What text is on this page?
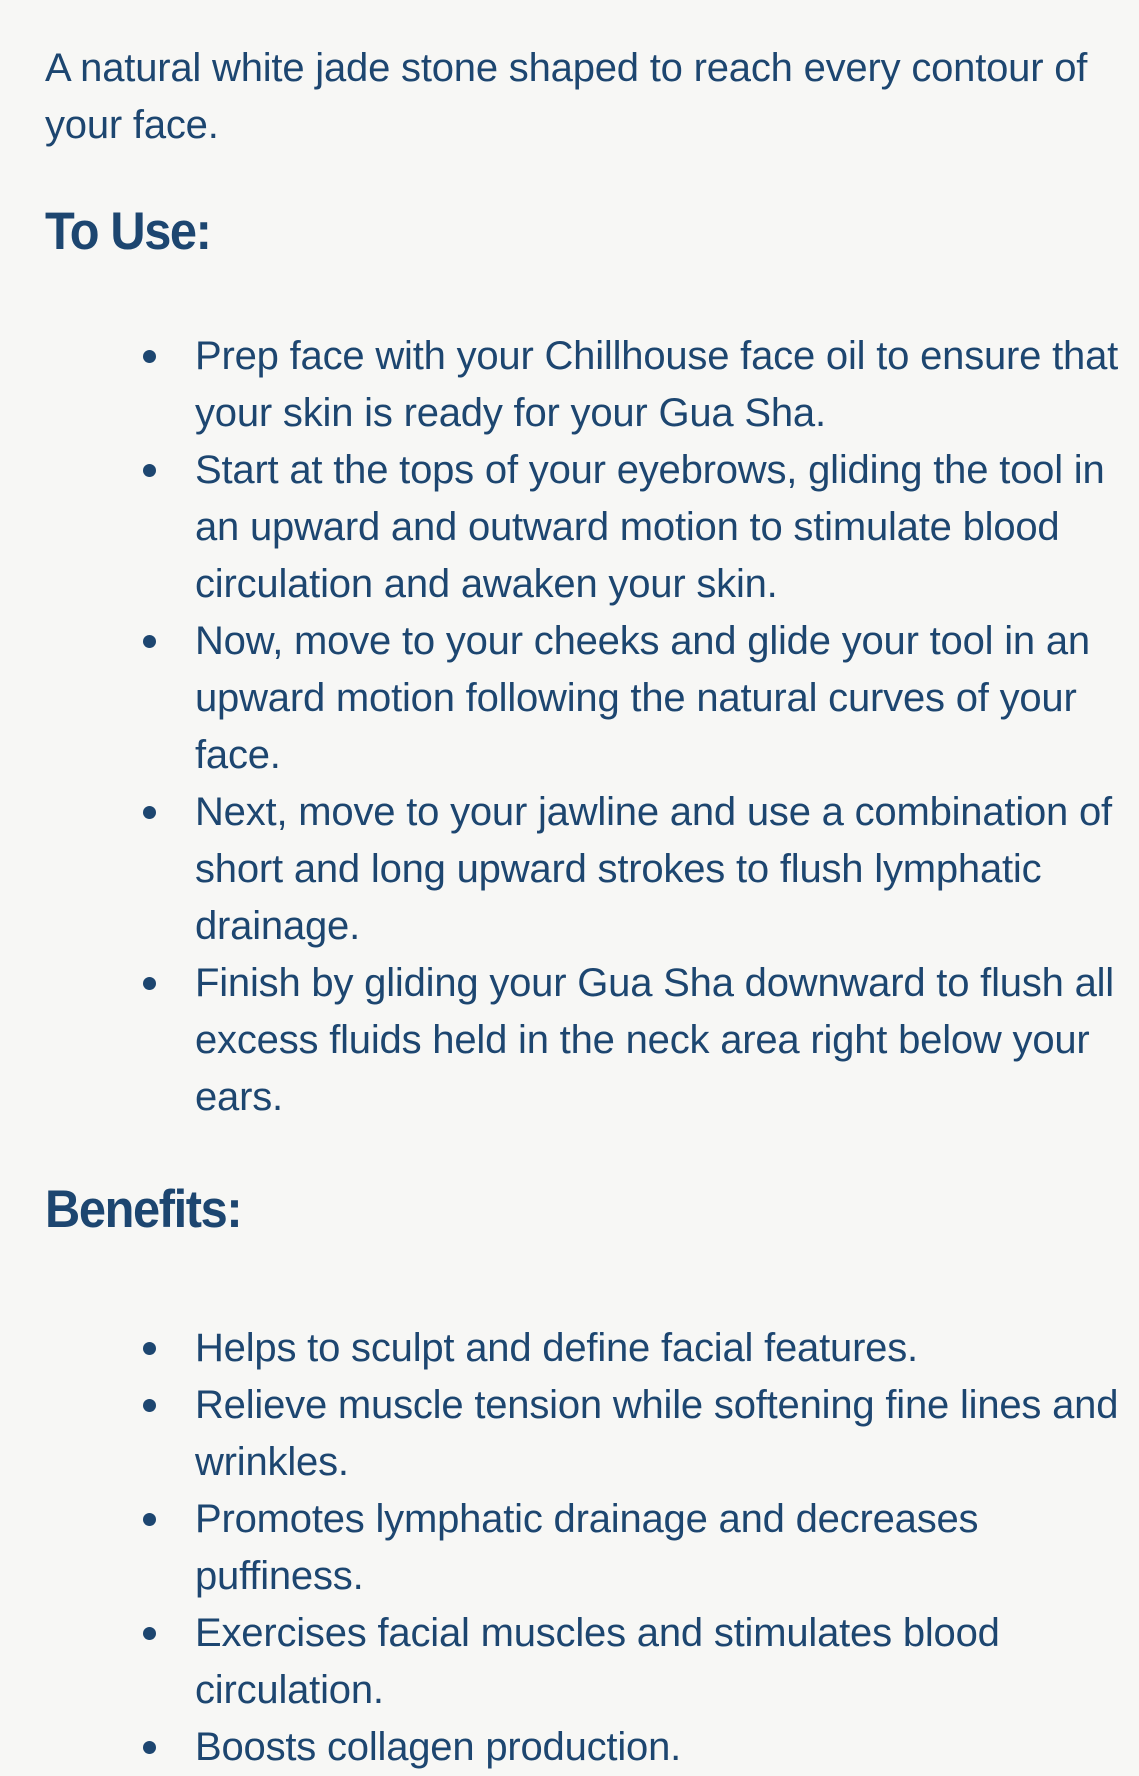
A natural white jade stone shaped to reach every contour of your face.

To Use:
Prep face with your Chillhouse face oil to ensure that your skin is ready for your Gua Sha.
Start at the tops of your eyebrows, gliding the tool in an upward and outward motion to stimulate blood circulation and awaken your skin.
Now, move to your cheeks and glide your tool in an upward motion following the natural curves of your face.
Next, move to your jawline and use a combination of short and long upward strokes to flush lymphatic drainage.
Finish by gliding your Gua Sha downward to flush all excess fluids held in the neck area right below your ears.
Benefits:
Helps to sculpt and define facial features.
Relieve muscle tension while softening fine lines and wrinkles.
Promotes lymphatic drainage and decreases puffiness.
Exercises facial muscles and stimulates blood circulation.
Boosts collagen production.
